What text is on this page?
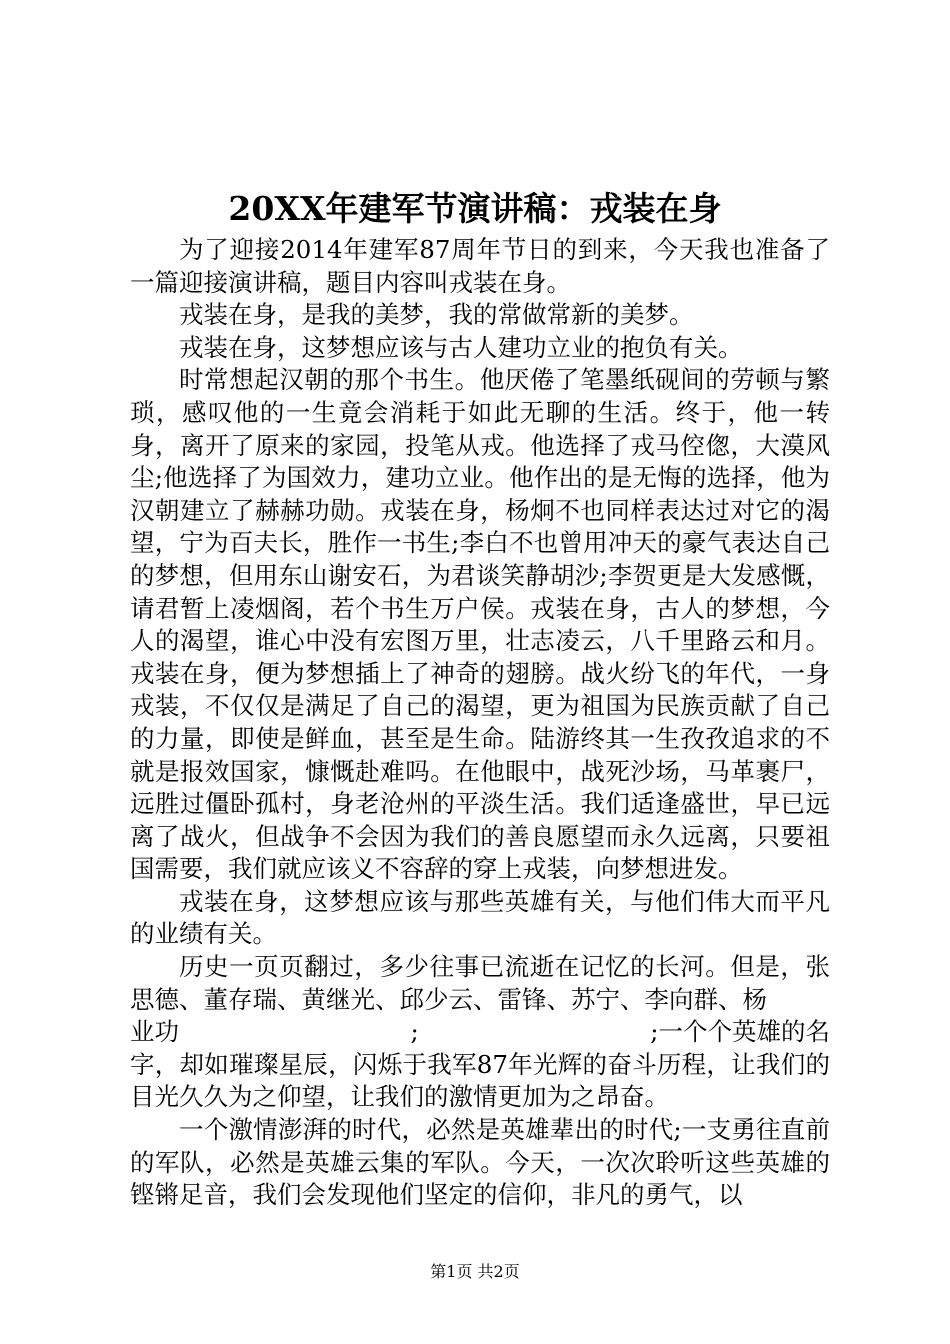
20XX年建军节演讲稿：戎装在身

为了迎接2014年建军87周年节日的到来，今天我也准备了一篇迎接演讲稿，题目内容叫戎装在身。

戎装在身，是我的美梦，我的常做常新的美梦。

戎装在身，这梦想应该与古人建功立业的抱负有关。

时常想起汉朝的那个书生。他厌倦了笔墨纸砚间的劳顿与繁琐，感叹他的一生竟会消耗于如此无聊的生活。终于，他一转身，离开了原来的家园，投笔从戎。他选择了戎马倥偬，大漠风尘;他选择了为国效力，建功立业。他作出的是无悔的选择，他为汉朝建立了赫赫功勋。戎装在身，杨炯不也同样表达过对它的渴望，宁为百夫长，胜作一书生;李白不也曾用冲天的豪气表达自己的梦想，但用东山谢安石，为君谈笑静胡沙;李贺更是大发感慨，请君暂上凌烟阁，若个书生万户侯。戎装在身，古人的梦想，今人的渴望，谁心中没有宏图万里，壮志凌云，八千里路云和月。戎装在身，便为梦想插上了神奇的翅膀。战火纷飞的年代，一身戎装，不仅仅是满足了自己的渴望，更为祖国为民族贡献了自己的力量，即使是鲜血，甚至是生命。陆游终其一生孜孜追求的不就是报效国家，慷慨赴难吗。在他眼中，战死沙场，马革裹尸，远胜过僵卧孤村，身老沧州的平淡生活。我们适逢盛世，早已远离了战火，但战争不会因为我们的善良愿望而永久远离，只要祖国需要，我们就应该义不容辞的穿上戎装，向梦想进发。

戎装在身，这梦想应该与那些英雄有关，与他们伟大而平凡的业绩有关。

历史一页页翻过，多少往事已流逝在记忆的长河。但是，张思德、董存瑞、黄继光、邱少云、雷锋、苏宁、李向群、杨

业功	;	;一个个英雄的名

字，却如璀璨星辰，闪烁于我军87年光辉的奋斗历程，让我们的目光久久为之仰望，让我们的激情更加为之昂奋。

一个激情澎湃的时代，必然是英雄辈出的时代;一支勇往直前的军队，必然是英雄云集的军队。今天，一次次聆听这些英雄的铿锵足音，我们会发现他们坚定的信仰，非凡的勇气，以

第1页 共2页
